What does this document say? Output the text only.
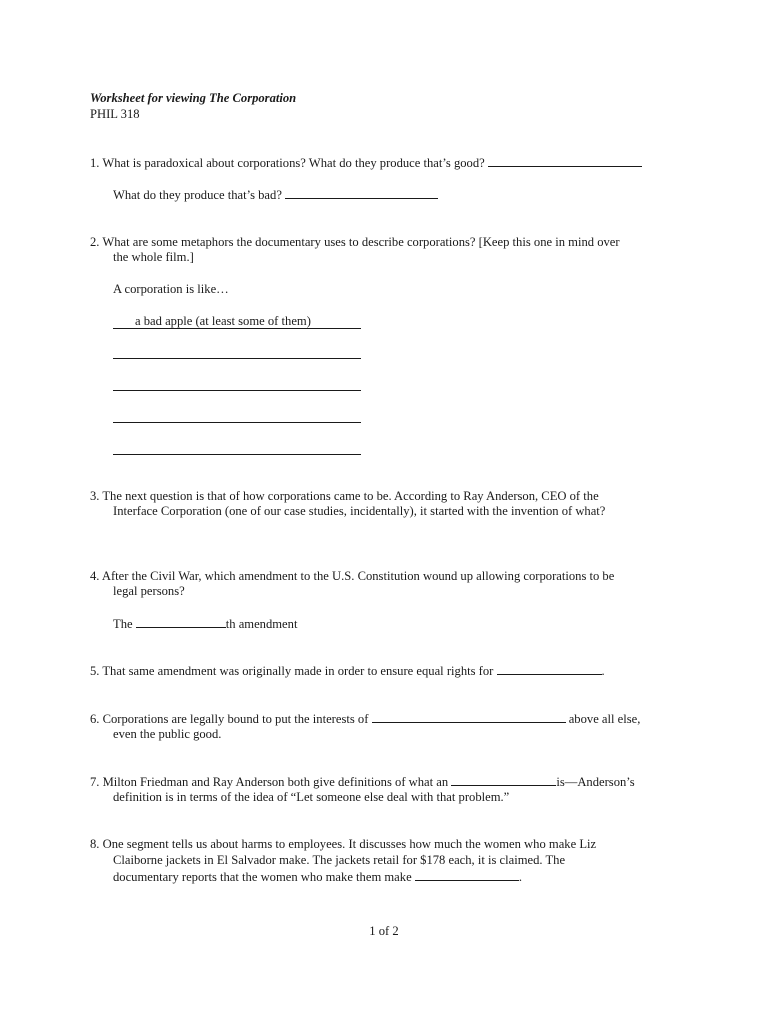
Worksheet for viewing The Corporation
PHIL 318
1. What is paradoxical about corporations? What do they produce that’s good?
What do they produce that’s bad?
2. What are some metaphors the documentary uses to describe corporations? [Keep this one in mind over
the whole film.]
A corporation is like…
a bad apple (at least some of them)
3. The next question is that of how corporations came to be. According to Ray Anderson, CEO of the
Interface Corporation (one of our case studies, incidentally), it started with the invention of what?
4. After the Civil War, which amendment to the U.S. Constitution wound up allowing corporations to be
legal persons?
The	th amendment
5. That same amendment was originally made in order to ensure equal rights for	.
6. Corporations are legally bound to put the interests of	above all else,
even the public good.
7. Milton Friedman and Ray Anderson both give definitions of what an	is—Anderson’s
definition is in terms of the idea of “Let someone else deal with that problem.”
8. One segment tells us about harms to employees. It discusses how much the women who make Liz
Claiborne jackets in El Salvador make. The jackets retail for $178 each, it is claimed. The
documentary reports that the women who make them make	.
1 of 2
